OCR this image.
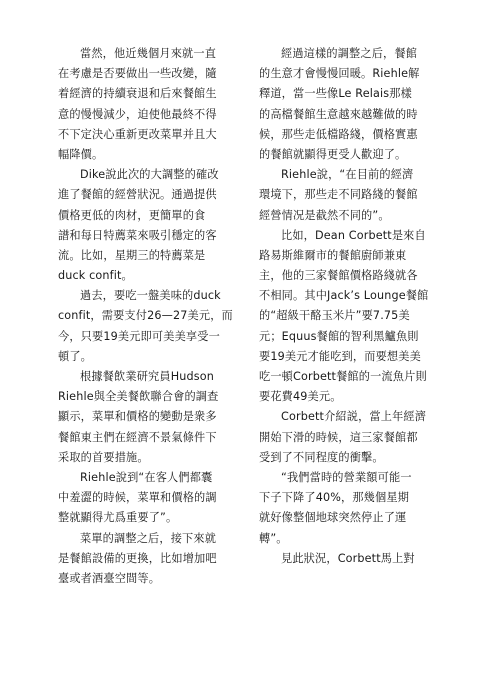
當然，他近幾個月來就一直
在考慮是否要做出一些改變，隨
着經濟的持續衰退和后來餐館生
意的慢慢減少，迫使他最終不得
不下定決心重新更改菜單并且大
幅降價。
Dike說此次的大調整的確改
進了餐館的經營狀況。通過提供
價格更低的肉材，更簡單的食
譜和每日特薦菜來吸引穩定的客
流。比如，星期三的特薦菜是
duck confit。
過去，要吃一盤美味的duck
confit，需要支付26—27美元，而
今，只要19美元即可美美享受一
頓了。
根據餐飲業研究員Hudson
Riehle與全美餐飲聯合會的調查
顯示，菜單和價格的變動是衆多
餐館東主們在經濟不景氣條件下
采取的首要措施。
Riehle說到“在客人們都囊
中羞澀的時候，菜單和價格的調
整就顯得尤爲重要了”。
菜單的調整之后，接下來就
是餐館設備的更換，比如增加吧
臺或者酒臺空間等。
經過這樣的調整之后，餐館
的生意才會慢慢回暖。Riehle解
釋道，當一些像Le Relais那樣
的高檔餐館生意越來越難做的時
候，那些走低檔路綫，價格實惠
的餐館就顯得更受人歡迎了。
Riehle說，“在目前的經濟
環境下，那些走不同路綫的餐館
經營情况是截然不同的”。
比如，Dean Corbett是來自
路易斯維爾市的餐館廚師兼東
主，他的三家餐館價格路綫就各
不相同。其中Jack’s Lounge餐館
的“超級干酪玉米片”要7.75美
元；Equus餐館的智利黑鱸魚則
要19美元才能吃到，而要想美美
吃一頓Corbett餐館的一流魚片則
要花費49美元。
Corbett介紹説，當上年經濟
開始下滑的時候，這三家餐館都
受到了不同程度的衝擊。
“我們當時的營業額可能一
下子下降了40%，那幾個星期
就好像整個地球突然停止了運
轉”。
見此狀況，Corbett馬上對
